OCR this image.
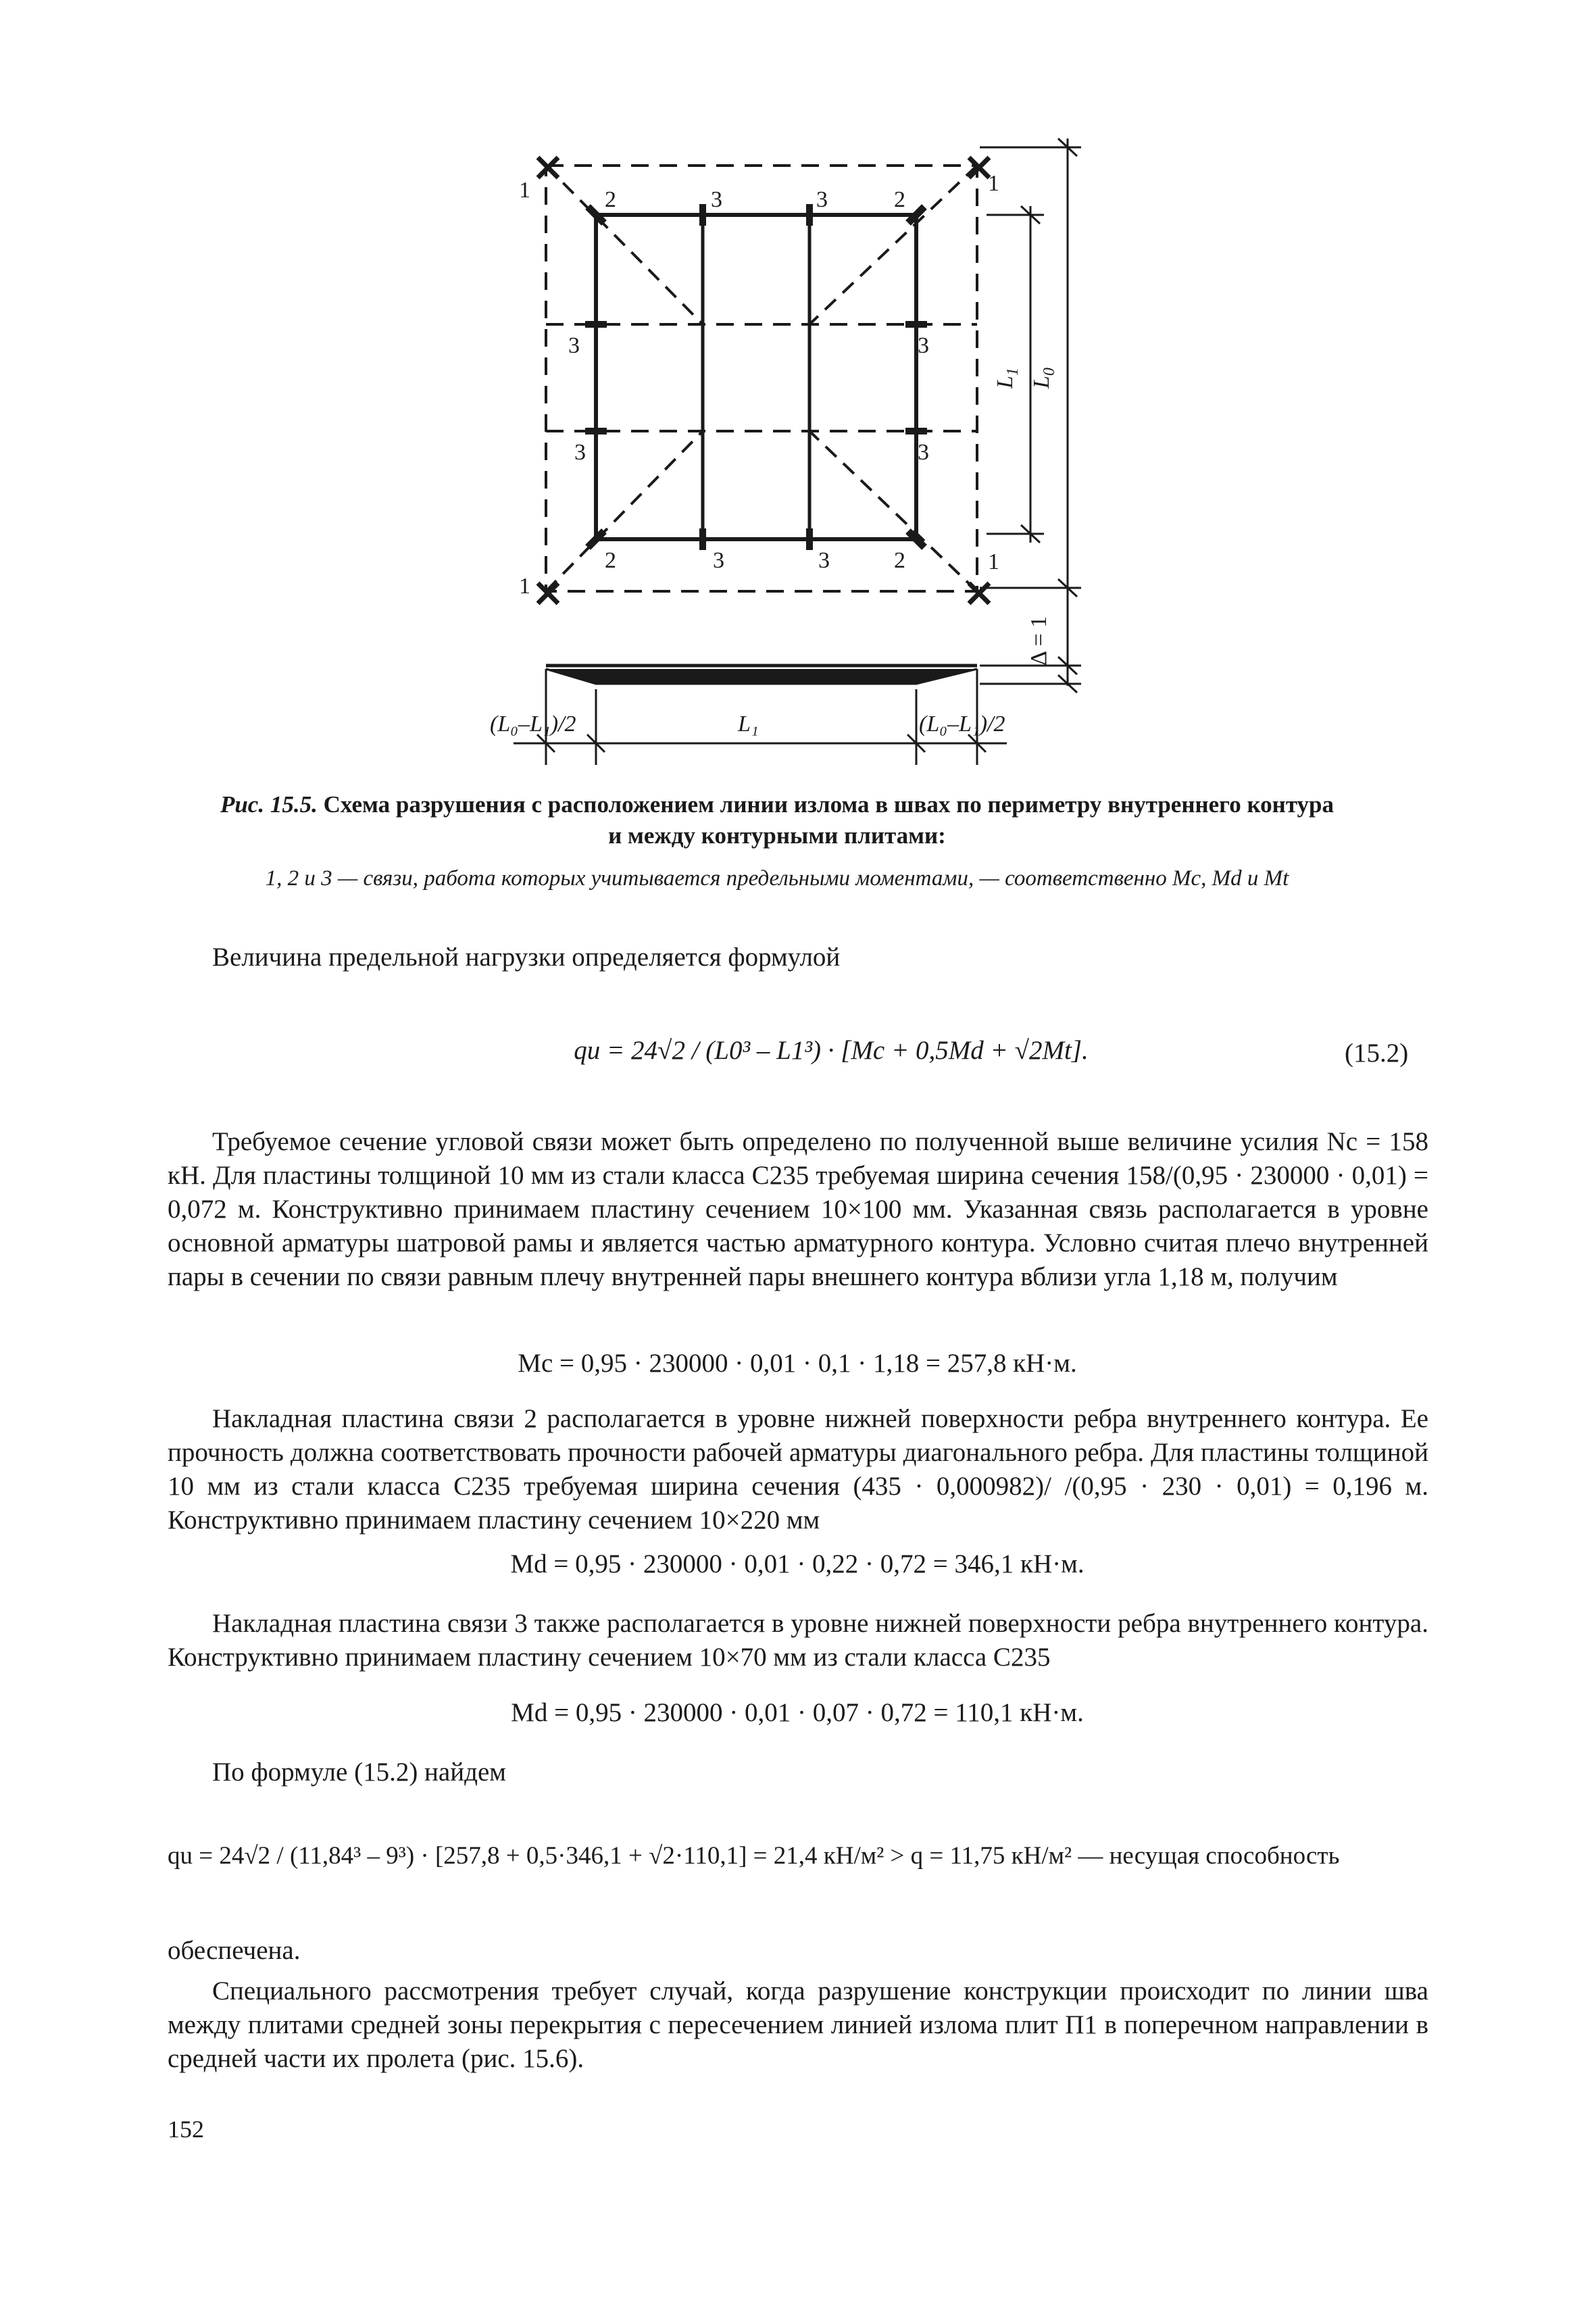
1	1
1
1
2	2
2	2
3	3
3	3
3
3
3
3
$L_1$
$L_0$
Δ = 1
(L₀–L₁)/2	L₁	(L₀–L₁)/2
Рис. 15.5. Схема разрушения с расположением линии излома в швах по периметру внутреннего контура
и между контурными плитами:
1, 2 и 3 — связи, работа которых учитывается предельными моментами, — соответственно Mc, Md и Mt
Величина предельной нагрузки определяется формулой
qu = 24√2 / (L0³ – L1³) · [Mc + 0,5Md + √2Mt].	(15.2)
Требуемое сечение угловой связи может быть определено по полученной выше величине усилия Nc = 158 кН. Для пластины толщиной 10 мм из стали класса С235 требуемая ширина сечения 158/(0,95 · 230000 · 0,01) = 0,072 м. Конструктивно принимаем пластину сечением 10×100 мм. Указанная связь располагается в уровне основной арматуры шатровой рамы и является частью арматурного контура. Условно считая плечо внутренней пары в сечении по связи равным плечу внутренней пары внешнего контура вблизи угла 1,18 м, получим
Mc = 0,95 · 230000 · 0,01 · 0,1 · 1,18 = 257,8 кН·м.
Накладная пластина связи 2 располагается в уровне нижней поверхности ребра внутреннего контура. Ее прочность должна соответствовать прочности рабочей арматуры диагонального ребра. Для пластины толщиной 10 мм из стали класса С235 требуемая ширина сечения (435 · 0,000982)/ /(0,95 · 230 · 0,01) = 0,196 м. Конструктивно принимаем пластину сечением 10×220 мм
Md = 0,95 · 230000 · 0,01 · 0,22 · 0,72 = 346,1 кН·м.
Накладная пластина связи 3 также располагается в уровне нижней поверхности ребра внутреннего контура. Конструктивно принимаем пластину сечением 10×70 мм из стали класса С235
Md = 0,95 · 230000 · 0,01 · 0,07 · 0,72 = 110,1 кН·м.
По формуле (15.2) найдем
qu = 24√2 / (11,84³ – 9³) · [257,8 + 0,5·346,1 + √2·110,1] = 21,4 кН/м² > q = 11,75 кН/м² — несущая способность
обеспечена.
Специального рассмотрения требует случай, когда разрушение конструкции происходит по линии шва между плитами средней зоны перекрытия с пересечением линией излома плит П1 в поперечном направлении в средней части их пролета (рис. 15.6).
152
